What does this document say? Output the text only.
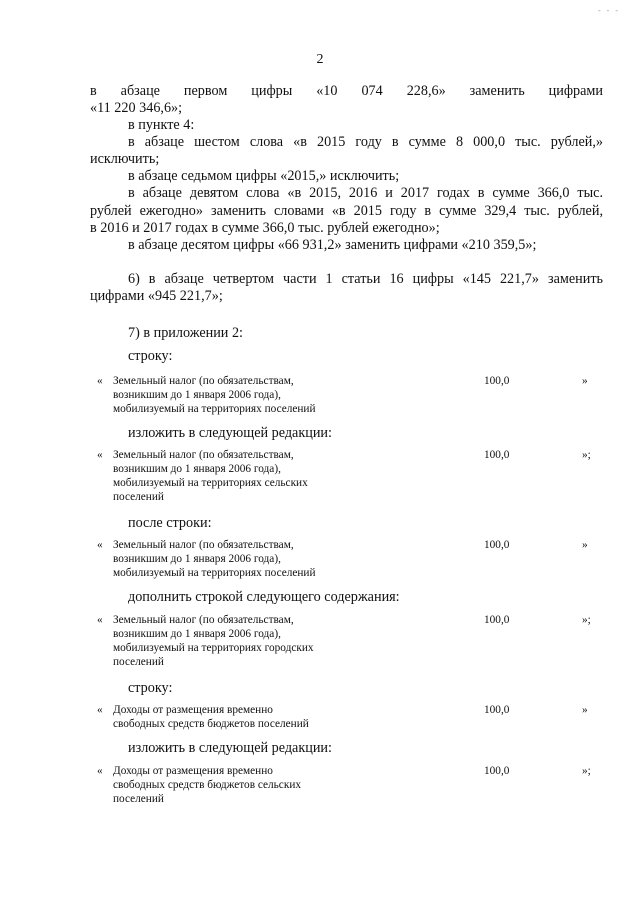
- - -
2
в абзаце первом цифры «10 074 228,6» заменить цифрами
«11 220 346,6»;
в пункте 4:
в абзаце шестом слова «в 2015 году в сумме 8 000,0 тыс. рублей,»
исключить;
в абзаце седьмом цифры «2015,» исключить;
в абзаце девятом слова «в 2015, 2016 и 2017 годах в сумме 366,0 тыс.
рублей ежегодно» заменить словами «в 2015 году в сумме 329,4 тыс. рублей,
в 2016 и 2017 годах в сумме 366,0 тыс. рублей ежегодно»;
в абзаце десятом цифры «66 931,2» заменить цифрами «210 359,5»;
6) в абзаце четвертом части 1 статьи 16 цифры «145 221,7» заменить
цифрами «945 221,7»;
7) в приложении 2:
строку:
« Земельный налог (по обязательствам,
возникшим до 1 января 2006 года),
мобилизуемый на территориях поселений
100,0	»
изложить в следующей редакции:
« Земельный налог (по обязательствам,
возникшим до 1 января 2006 года),
мобилизуемый на территориях сельских
поселений
100,0	»;
после строки:
« Земельный налог (по обязательствам,
возникшим до 1 января 2006 года),
мобилизуемый на территориях поселений
100,0	»
дополнить строкой следующего содержания:
« Земельный налог (по обязательствам,
возникшим до 1 января 2006 года),
мобилизуемый на территориях городских
поселений
100,0	»;
строку:
« Доходы от размещения временно
свободных средств бюджетов поселений
100,0	»
изложить в следующей редакции:
« Доходы от размещения временно
свободных средств бюджетов сельских
поселений
100,0	»;
